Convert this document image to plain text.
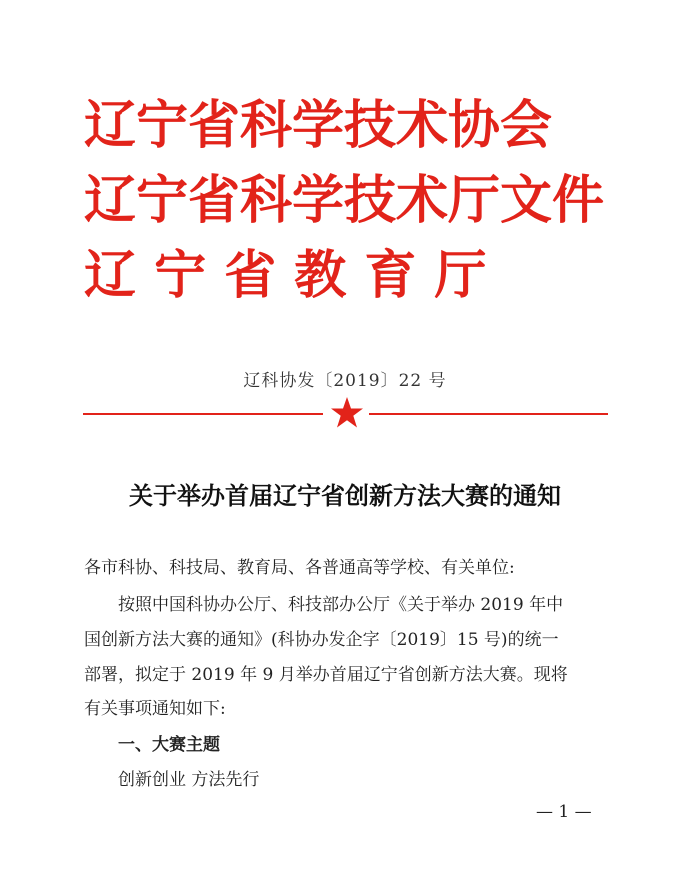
辽宁省科学技术协会
辽宁省科学技术厅文件
辽 宁 省 教 育 厅
辽科协发〔2019〕22 号
关于举办首届辽宁省创新方法大赛的通知
各市科协、科技局、教育局、各普通高等学校、有关单位:
按照中国科协办公厅、科技部办公厅《关于举办 2019 年中
国创新方法大赛的通知》(科协办发企字〔2019〕15 号)的统一
部署，拟定于 2019 年 9 月举办首届辽宁省创新方法大赛。现将
有关事项通知如下:
一、大赛主题
创新创业 方法先行
— 1 —
